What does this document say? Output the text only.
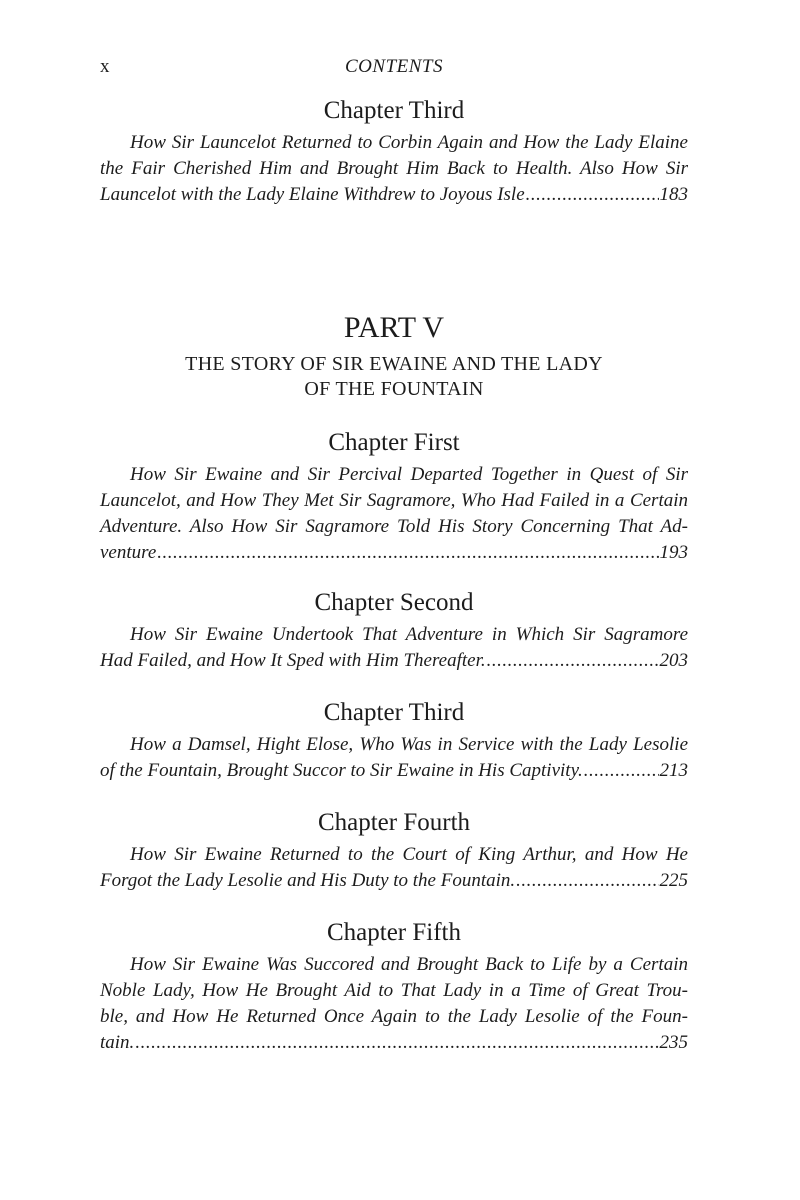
x	CONTENTS
Chapter Third

How Sir Launcelot Returned to Corbin Again and How the Lady Elaine

the Fair Cherished Him and Brought Him Back to Health. Also How Sir

Launcelot with the Lady Elaine Withdrew to Joyous Isle .....	183
PART V
THE STORY OF SIR EWAINE AND THE LADY
OF THE FOUNTAIN
Chapter First

How Sir Ewaine and Sir Percival Departed Together in Quest of Sir

Launcelot, and How They Met Sir Sagramore, Who Had Failed in a Certain

Adventure. Also How Sir Sagramore Told His Story Concerning That Ad-

venture .....	193
Chapter Second

How Sir Ewaine Undertook That Adventure in Which Sir Sagramore

Had Failed, and How It Sped with Him Thereafter. .....	203
Chapter Third

How a Damsel, Hight Elose, Who Was in Service with the Lady Lesolie

of the Fountain, Brought Succor to Sir Ewaine in His Captivity. .....	213
Chapter Fourth

How Sir Ewaine Returned to the Court of King Arthur, and How He

Forgot the Lady Lesolie and His Duty to the Fountain. .....	225
Chapter Fifth

How Sir Ewaine Was Succored and Brought Back to Life by a Certain

Noble Lady, How He Brought Aid to That Lady in a Time of Great Trou-

ble, and How He Returned Once Again to the Lady Lesolie of the Foun-

tain. .....	235
